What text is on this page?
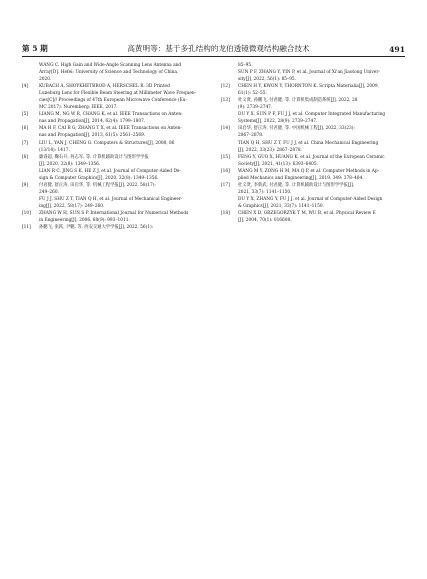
第 5 期	高黄明等：基于多孔结构的龙伯透镜微观结构融合技术	491
WANG C. High Gain and Wide-Angle Scanning Lens Antenna and
Array[D]. Hefei: University of Science and Technology of China,
2020.
[4]	KUBACH A, SHOYKHETBROD A, HERSCHEL R. 3D Printed
Luneburg Lens for Flexible Beam Steering at Millimeter Wave Frequen-
cies[C]// Proceedings of 47th European Microwave Conference (Eu-
MC 2017). Nuremberg: IEEE, 2017.
[5]	LIANG M, NG W R, CHANG K, et al. IEEE Transactions on Anten-
nas and Propagation[J], 2014, 62(4): 1799–1807.
[6]	MA H F, CAI B G, ZHANG T X, et al. IEEE Transactions on Anten-
nas and Propagation[J], 2013, 61(5): 2561–2569.
[7]	LIU L, YAN J, CHENG G. Computers & Structures[J], 2008, 86
(13/14): 1417.
[8]	廉睿超, 鞠石开, 何志军, 等. 计算机辅助设计与图形学学报
[J], 2020, 32(8): 1349–1356.
LIAN R C, JING S K, HE Z J, et al. Journal of Computer-Aided De-
sign & Computer Graphics[J], 2020, 32(8): 1349–1356.
[9]	付君健, 舒正涛, 田启华, 等. 机械工程学报[J], 2022, 58(17):
249–260.
FU J J, SHU Z T, TIAN Q H, et al. Journal of Mechanical Engineer-
ing[J], 2022, 58(17): 249–260.
[10]	ZHANG W H, SUN S P. International Journal for Numerical Methods
in Engineering[J], 2006, 68(9): 993–1011.
[11]	孙鹏飞, 张跃, 尹鹏, 等. 西安交通大学学报[J], 2022, 56(1):
85–95.
SUN P F, ZHANG Y, YIN P, et al. Journal of Xi'an Jiaotong Univer-
sity[J], 2022, 56(1): 85–95.
[12]	CHEN H Y, KWON Y, THORNTON K. Scripta Materialia[J], 2009,
61(1): 52–55.
[13]	杜义贤, 孙鹏飞, 付君健, 等. 计算机集成制造系统[J], 2022, 28
(9): 2739–2747.
DU Y X, SUN P F, FU J J, et al. Computer Integrated Manufacturing
Systems[J], 2022, 28(9): 2739–2747.
[14]	田启华, 舒正涛, 付君健, 等. 中国机械工程[J], 2022, 33(23):
2867–2878.
TIAN Q H, SHU Z T, FU J J, et al. China Mechanical Engineering
[J], 2022, 33(23): 2867–2878.
[15]	FENG Y, GUO X, HUANG K, et al. Journal of the European Ceramic
Society[J], 2021, 41(13): 6393–6405.
[16]	WANG M Y, ZONG H M, MA Q P, et al. Computer Methods in Ap-
plied Mechanics and Engineering[J], 2019, 349: 378–404.
[17]	杜义贤, 李新武, 付君健, 等. 计算机辅助设计与图形学学报[J],
2021, 33(7): 1141–1150.
DU Y X, ZHANG Y, FU J J, et al. Journal of Computer-Aided Design
& Graphics[J], 2021, 33(7): 1141–1150.
[18]	CHEN X D, GRZEGORZYK T M, WU B, et al. Physical Review E
[J], 2004, 70(1): 016608.
